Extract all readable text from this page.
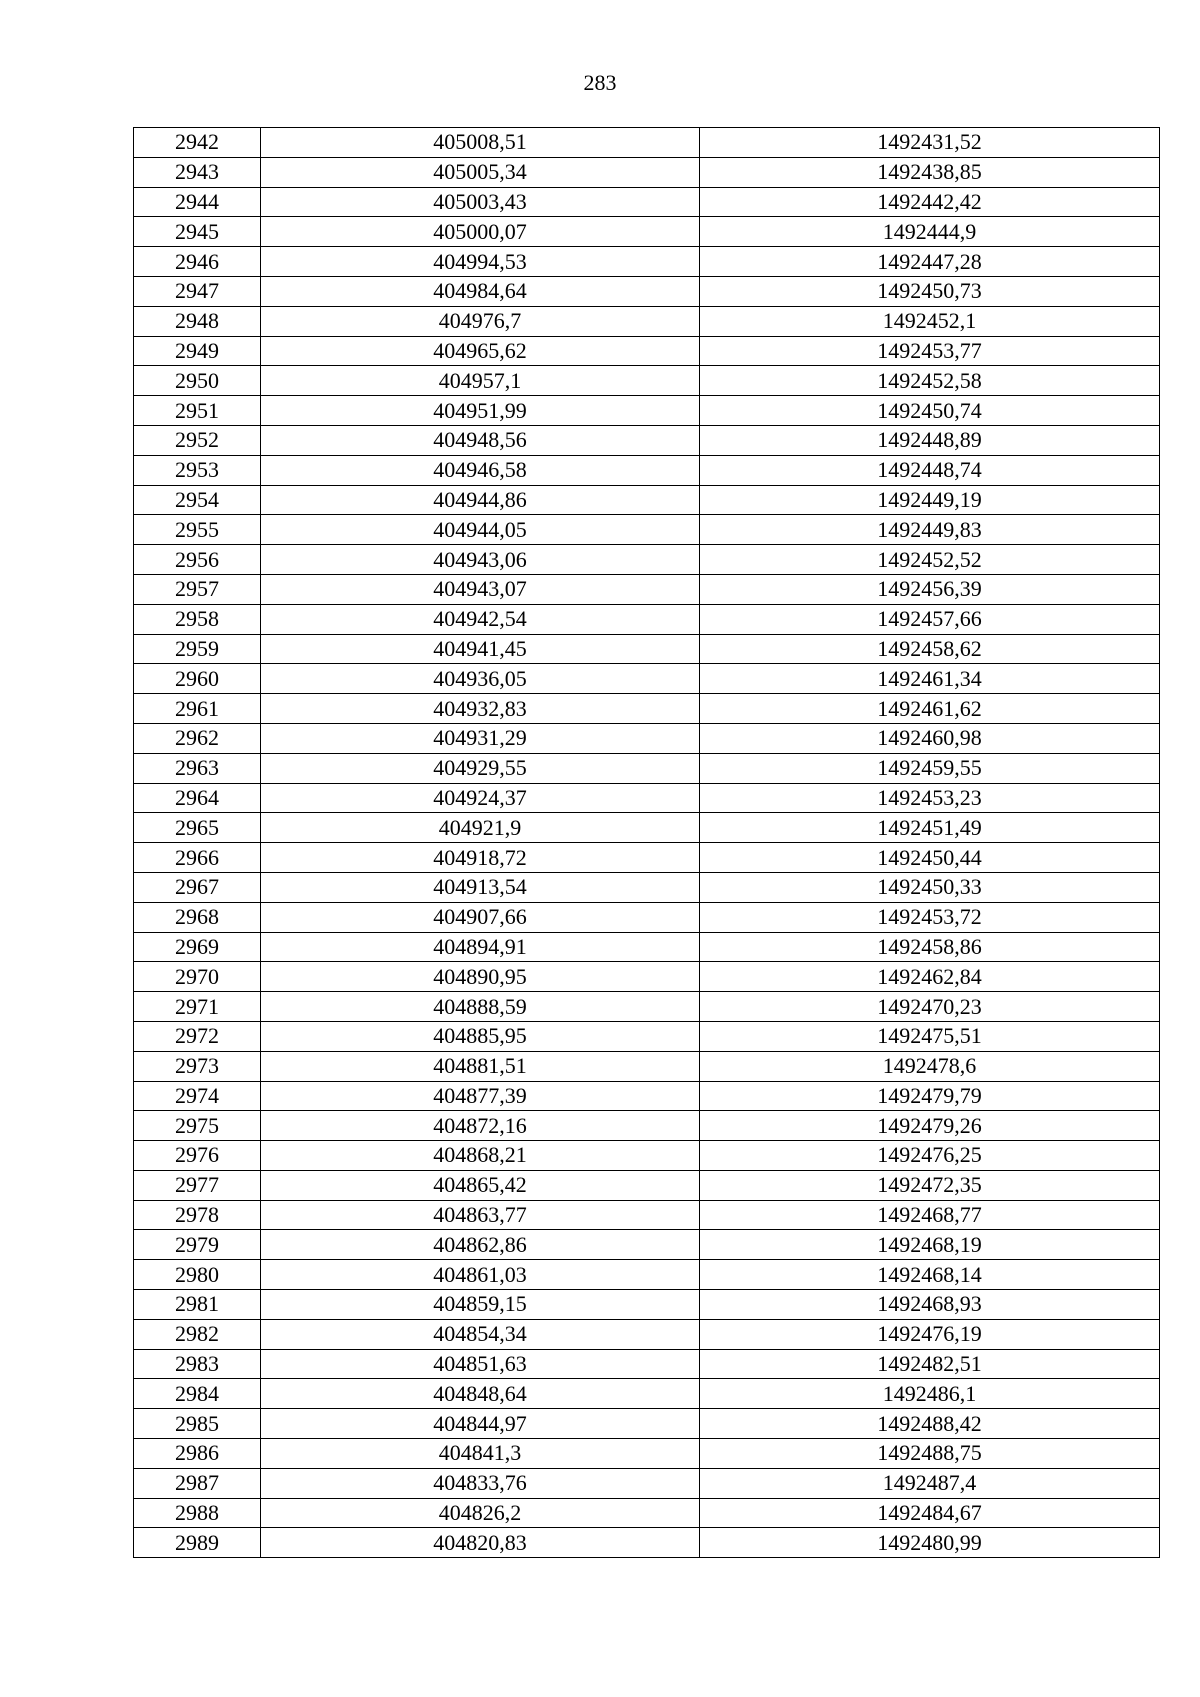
283
2942	405008,51	1492431,52
2943	405005,34	1492438,85
2944	405003,43	1492442,42
2945	405000,07	1492444,9
2946	404994,53	1492447,28
2947	404984,64	1492450,73
2948	404976,7	1492452,1
2949	404965,62	1492453,77
2950	404957,1	1492452,58
2951	404951,99	1492450,74
2952	404948,56	1492448,89
2953	404946,58	1492448,74
2954	404944,86	1492449,19
2955	404944,05	1492449,83
2956	404943,06	1492452,52
2957	404943,07	1492456,39
2958	404942,54	1492457,66
2959	404941,45	1492458,62
2960	404936,05	1492461,34
2961	404932,83	1492461,62
2962	404931,29	1492460,98
2963	404929,55	1492459,55
2964	404924,37	1492453,23
2965	404921,9	1492451,49
2966	404918,72	1492450,44
2967	404913,54	1492450,33
2968	404907,66	1492453,72
2969	404894,91	1492458,86
2970	404890,95	1492462,84
2971	404888,59	1492470,23
2972	404885,95	1492475,51
2973	404881,51	1492478,6
2974	404877,39	1492479,79
2975	404872,16	1492479,26
2976	404868,21	1492476,25
2977	404865,42	1492472,35
2978	404863,77	1492468,77
2979	404862,86	1492468,19
2980	404861,03	1492468,14
2981	404859,15	1492468,93
2982	404854,34	1492476,19
2983	404851,63	1492482,51
2984	404848,64	1492486,1
2985	404844,97	1492488,42
2986	404841,3	1492488,75
2987	404833,76	1492487,4
2988	404826,2	1492484,67
2989	404820,83	1492480,99
